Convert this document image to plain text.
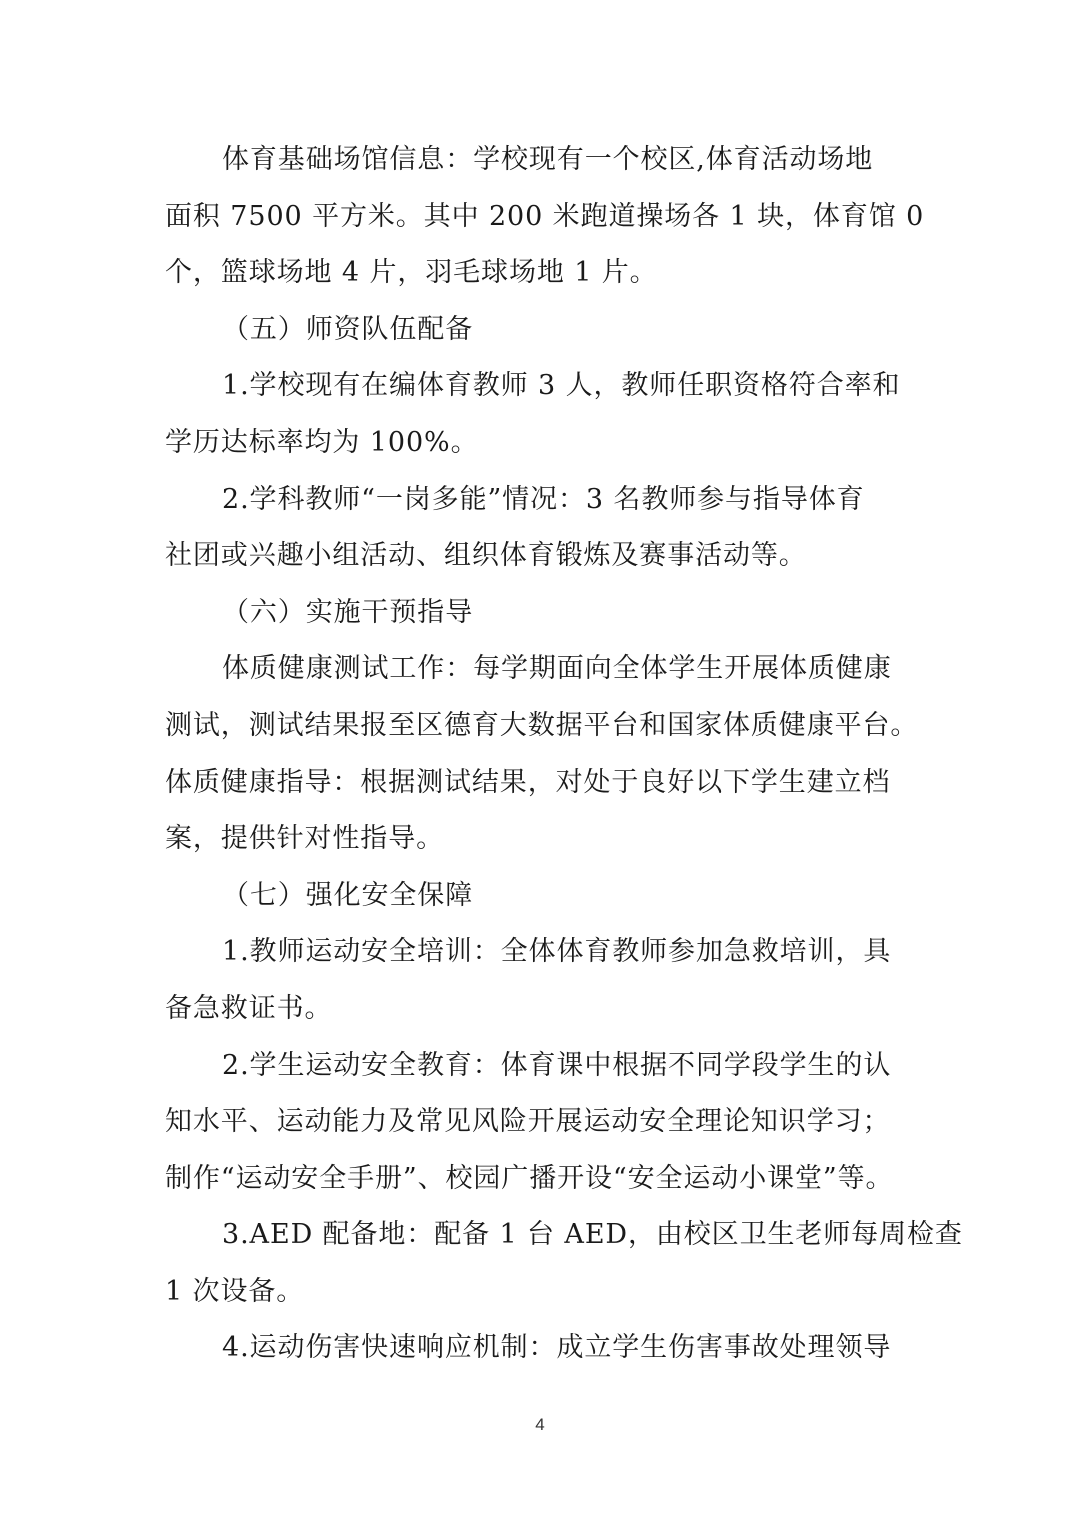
体育基础场馆信息：学校现有一个校区,体育活动场地
面积 7500 平方米。其中 200 米跑道操场各 1 块，体育馆 0
个，篮球场地 4 片，羽毛球场地 1 片。
（五）师资队伍配备
1.学校现有在编体育教师 3 人，教师任职资格符合率和
学历达标率均为 100%。
2.学科教师“一岗多能”情况：3 名教师参与指导体育
社团或兴趣小组活动、组织体育锻炼及赛事活动等。
（六）实施干预指导
体质健康测试工作：每学期面向全体学生开展体质健康
测试，测试结果报至区德育大数据平台和国家体质健康平台。
体质健康指导：根据测试结果，对处于良好以下学生建立档
案，提供针对性指导。
（七）强化安全保障
1.教师运动安全培训：全体体育教师参加急救培训，具
备急救证书。
2.学生运动安全教育：体育课中根据不同学段学生的认
知水平、运动能力及常见风险开展运动安全理论知识学习；
制作“运动安全手册”、校园广播开设“安全运动小课堂”等。
3.AED 配备地：配备 1 台 AED，由校区卫生老师每周检查
1 次设备。
4.运动伤害快速响应机制：成立学生伤害事故处理领导
4
